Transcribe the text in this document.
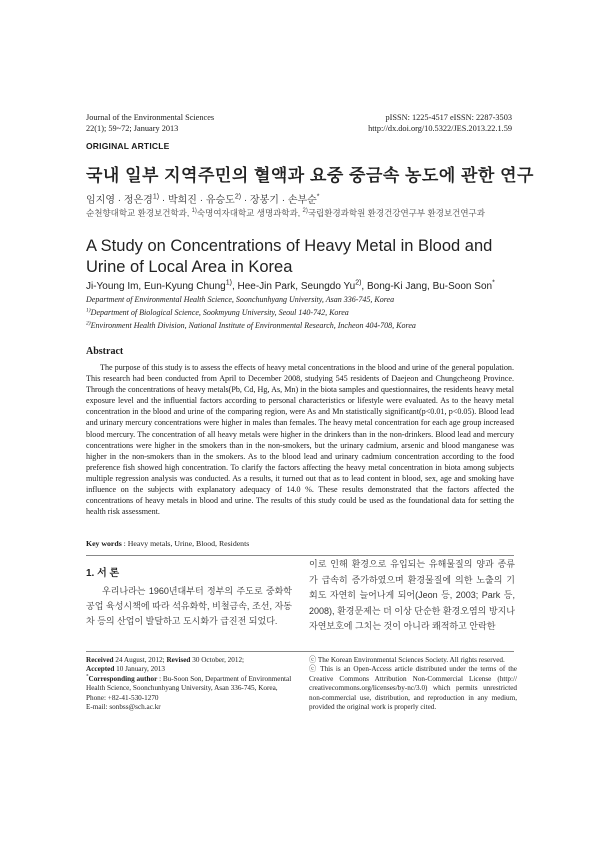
Journal of the Environmental Sciences
22(1); 59~72; January 2013
pISSN: 1225-4517 eISSN: 2287-3503
http://dx.doi.org/10.5322/JES.2013.22.1.59
ORIGINAL ARTICLE
국내 일부 지역주민의 혈액과 요중 중금속 농도에 관한 연구
임지영 · 정은경$^{1)}$ · 박희진 · 유승도$^{2)}$ · 장봉기 · 손부순*
순천향대학교 환경보건학과, $^{1)}$숙명여자대학교 생명과학과, $^{2)}$국립환경과학원 환경건강연구부 환경보건연구과
A Study on Concentrations of Heavy Metal in Blood and Urine of Local Area in Korea
Ji-Young Im, Eun-Kyung Chung$^{1)}$, Hee-Jin Park, Seungdo Yu$^{2)}$, Bong-Ki Jang, Bu-Soon Son*
Department of Environmental Health Science, Soonchunhyang University, Asan 336-745, Korea
$^{1)}$Department of Biological Science, Sookmyung University, Seoul 140-742, Korea
$^{2)}$Environment Health Division, National Institute of Environmental Research, Incheon 404-708, Korea
Abstract
The purpose of this study is to assess the effects of heavy metal concentrations in the blood and urine of the general population. This research had been conducted from April to December 2008, studying 545 residents of Daejeon and Chungcheong Province. Through the concentrations of heavy metals(Pb, Cd, Hg, As, Mn) in the biota samples and questionnaires, the residents heavy metal exposure level and the influential factors according to personal characteristics or lifestyle were evaluated. As to the heavy metal concentration in the blood and urine of the comparing region, were As and Mn statistically significant(p<0.01, p<0.05). Blood lead and urinary mercury concentrations were higher in males than females. The heavy metal concentration for each age group increased blood mercury. The concentration of all heavy metals were higher in the drinkers than in the non-drinkers. Blood lead and mercury concentrations were higher in the smokers than in the non-smokers, but the urinary cadmium, arsenic and blood manganese was higher in the non-smokers than in the smokers. As to the blood lead and urinary cadmium concentration according to the food preference fish showed high concentration. To clarify the factors affecting the heavy metal concentration in biota among subjects multiple regression analysis was conducted. As a results, it turned out that as to lead content in blood, sex, age and smoking have influence on the subjects with explanatory adequacy of 14.0 %. These results demonstrated that the factors affected the concentrations of heavy metals in blood and urine. The results of this study could be used as the foundational data for setting the health risk assessment.
Key words : Heavy metals, Urine, Blood, Residents
1. 서 론
우리나라는 1960년대부터 정부의 주도로 중화학 공업 육성시책에 따라 석유화학, 비철금속, 조선, 자동차 등의 산업이 발달하고 도시화가 급진전 되었다.
이로 인해 환경으로 유입되는 유해물질의 양과 종류가 급속히 증가하였으며 환경물질에 의한 노출의 기회도 자연히 늘어나게 되어(Jeon 등, 2003; Park 등, 2008), 환경문제는 더 이상 단순한 환경오염의 방지나 자연보호에 그치는 것이 아니라 쾌적하고 안락한
Received 24 August, 2012; Revised 30 October, 2012;
Accepted 10 January, 2013
*Corresponding author : Bu-Soon Son, Department of Environmental Health Science, Soonchunhyang University, Asan 336-745, Korea,
Phone: +82-41-530-1270
E-mail: sonbss@sch.ac.kr
ⓒ The Korean Environmental Sciences Society. All rights reserved.
ⓒ This is an Open-Access article distributed under the terms of the Creative Commons Attribution Non-Commercial License (http:// creativecommons.org/licenses/by-nc/3.0) which permits unrestricted non-commercial use, distribution, and reproduction in any medium, provided the original work is properly cited.
